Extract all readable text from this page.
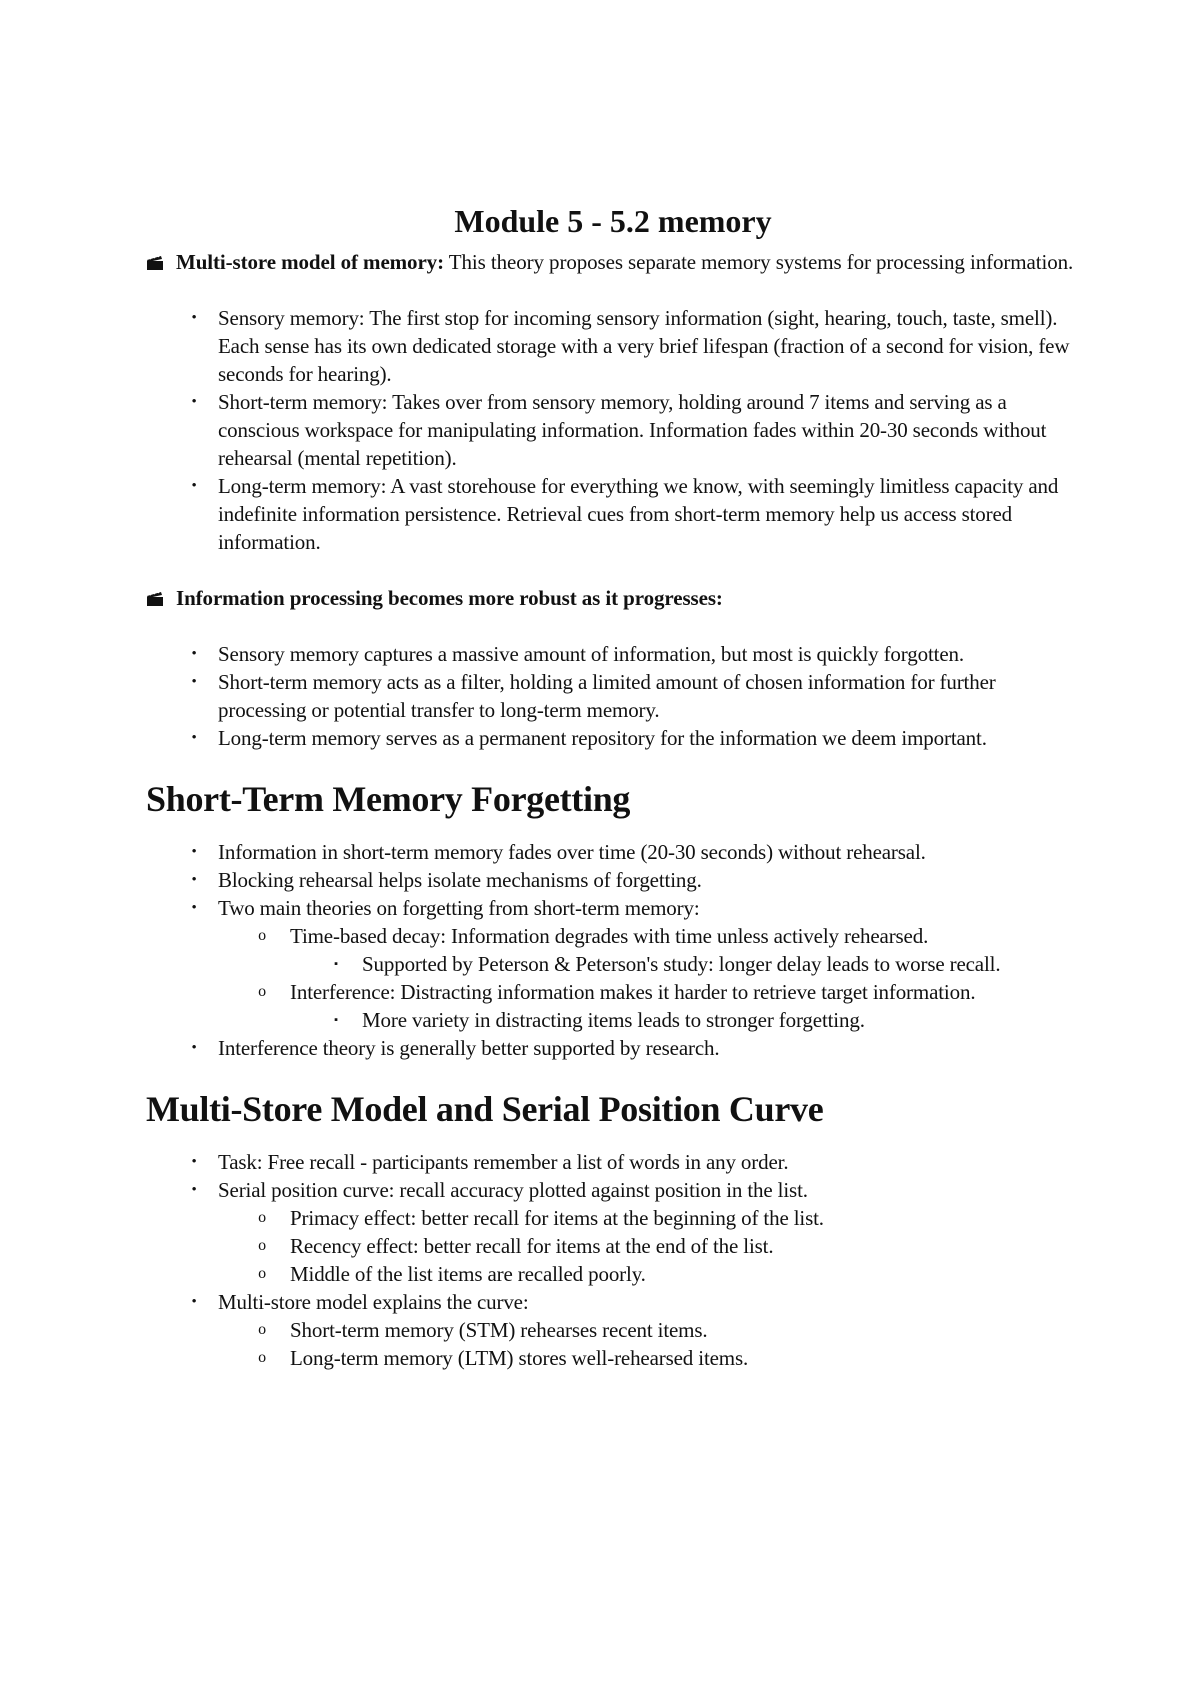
Module 5 - 5.2 memory

Multi-store model of memory: This theory proposes separate memory systems for processing information.

•	Sensory memory: The first stop for incoming sensory information (sight, hearing, touch, taste, smell). Each sense has its own dedicated storage with a very brief lifespan (fraction of a second for vision, few seconds for hearing).
•	Short-term memory: Takes over from sensory memory, holding around 7 items and serving as a conscious workspace for manipulating information. Information fades within 20-30 seconds without rehearsal (mental repetition).
•	Long-term memory: A vast storehouse for everything we know, with seemingly limitless capacity and indefinite information persistence. Retrieval cues from short-term memory help us access stored information.

Information processing becomes more robust as it progresses:

•	Sensory memory captures a massive amount of information, but most is quickly forgotten.
•	Short-term memory acts as a filter, holding a limited amount of chosen information for further processing or potential transfer to long-term memory.
•	Long-term memory serves as a permanent repository for the information we deem important.
Short-Term Memory Forgetting
•	Information in short-term memory fades over time (20-30 seconds) without rehearsal.
•	Blocking rehearsal helps isolate mechanisms of forgetting.
•	Two main theories on forgetting from short-term memory:
o Time-based decay: Information degrades with time unless actively rehearsed.
▪	Supported by Peterson & Peterson's study: longer delay leads to worse recall.
o Interference: Distracting information makes it harder to retrieve target information.
▪	More variety in distracting items leads to stronger forgetting.
•	Interference theory is generally better supported by research.
Multi-Store Model and Serial Position Curve
•	Task: Free recall - participants remember a list of words in any order.
•	Serial position curve: recall accuracy plotted against position in the list.
o Primacy effect: better recall for items at the beginning of the list.
o Recency effect: better recall for items at the end of the list.
o Middle of the list items are recalled poorly.
•	Multi-store model explains the curve:
o Short-term memory (STM) rehearses recent items.
o Long-term memory (LTM) stores well-rehearsed items.
